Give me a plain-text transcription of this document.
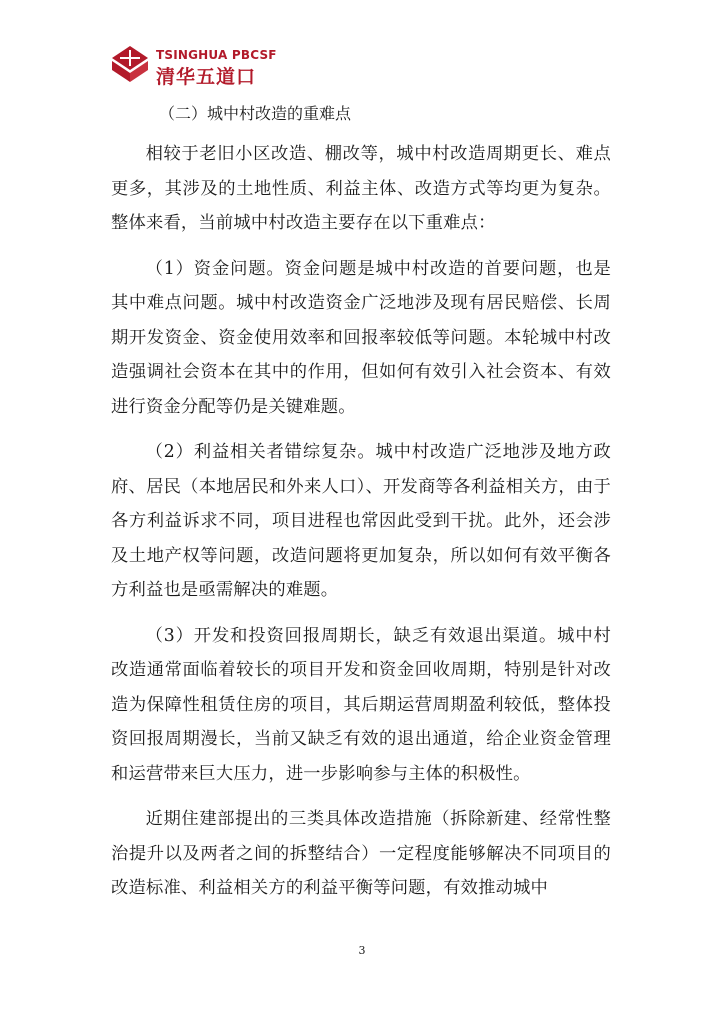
TSINGHUA PBCSF
清华五道口
（二）城中村改造的重难点

相较于老旧小区改造、棚改等，城中村改造周期更长、难点更多，其涉及的土地性质、利益主体、改造方式等均更为复杂。整体来看，当前城中村改造主要存在以下重难点：

（1）资金问题。资金问题是城中村改造的首要问题，也是其中难点问题。城中村改造资金广泛地涉及现有居民赔偿、长周期开发资金、资金使用效率和回报率较低等问题。本轮城中村改造强调社会资本在其中的作用，但如何有效引入社会资本、有效进行资金分配等仍是关键难题。

（2）利益相关者错综复杂。城中村改造广泛地涉及地方政府、居民（本地居民和外来人口）、开发商等各利益相关方，由于各方利益诉求不同，项目进程也常因此受到干扰。此外，还会涉及土地产权等问题，改造问题将更加复杂，所以如何有效平衡各方利益也是亟需解决的难题。

（3）开发和投资回报周期长，缺乏有效退出渠道。城中村改造通常面临着较长的项目开发和资金回收周期，特别是针对改造为保障性租赁住房的项目，其后期运营周期盈利较低，整体投资回报周期漫长，当前又缺乏有效的退出通道，给企业资金管理和运营带来巨大压力，进一步影响参与主体的积极性。

近期住建部提出的三类具体改造措施（拆除新建、经常性整治提升以及两者之间的拆整结合）一定程度能够解决不同项目的改造标准、利益相关方的利益平衡等问题，有效推动城中

3
